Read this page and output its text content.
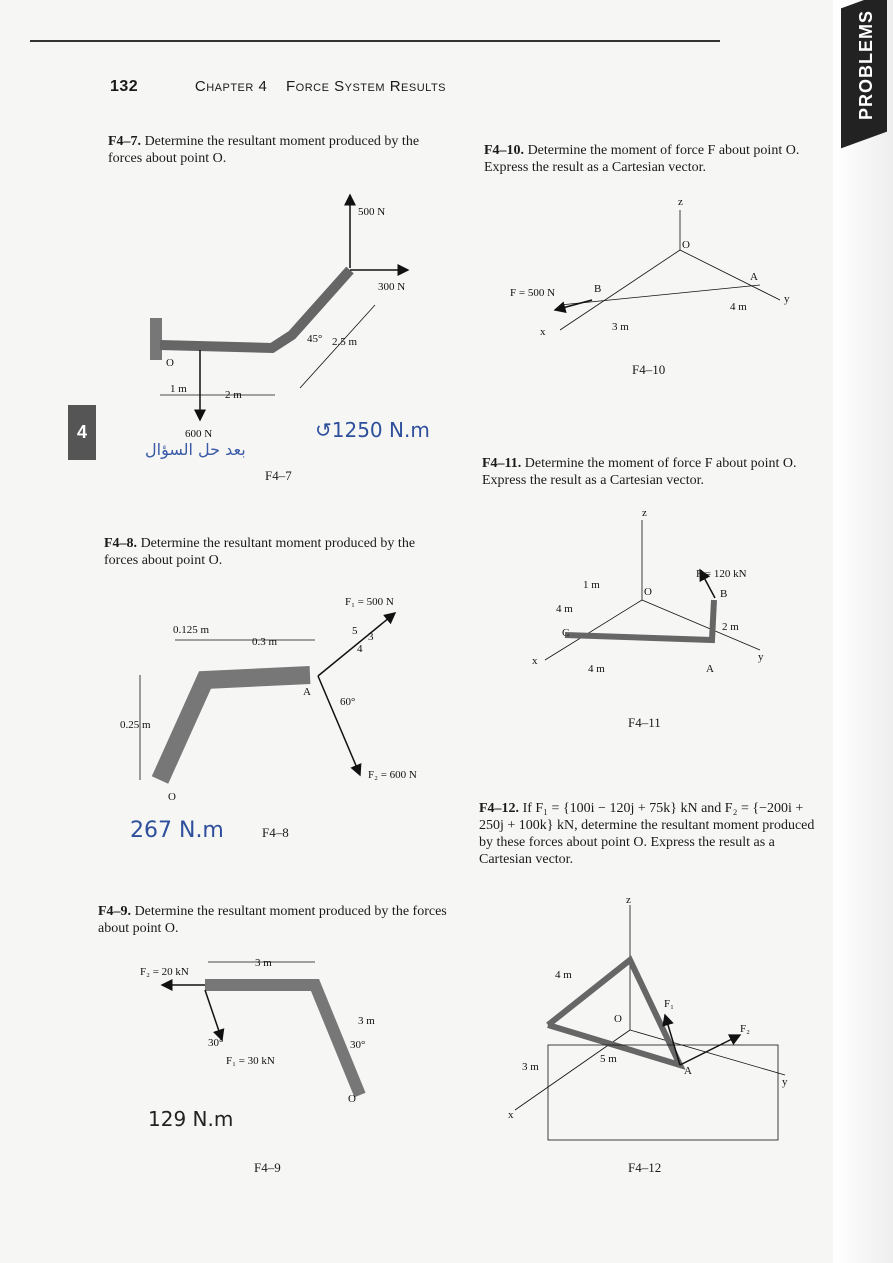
132	Chapter 4 Force System Results	PROBLEMS
4
F4–7. Determine the resultant moment produced by the forces about point O.
F4–10. Determine the moment of force F about point O. Express the result as a Cartesian vector.
F4–8. Determine the resultant moment produced by the forces about point O.
F4–11. Determine the moment of force F about point O. Express the result as a Cartesian vector.
F4–9. Determine the resultant moment produced by the forces about point O.
F4–12. If F₁ = {100i − 120j + 75k} kN and F₂ = {−200i + 250j + 100k} kN, determine the resultant moment produced by these forces about point O. Express the result as a Cartesian vector.
500 N
300 N
600 N
45° 2.5 m
1 m	2 m
O
O
z
x
y
F = 500 N	B
A
4 m
3 m
O
z
x	y
F = 120 kN
B
A
C
1 m
4 m
4 m
2 m
F₁ = 500 N
F₂ = 600 N
0.125 m
0.3 m
0.25 m
60°
A
O
5 3
4
z
x
y
O
A
F₁
F₂
4 m
5 m
3 m
F₂ = 20 kN
F₁ = 30 kN
3 m
3 m
30°	30°
O
F4–7
F4–10
F4–11
F4–8
F4–9	F4–12
↺1250 N.m
بعد حل السؤال
267 N.m
129 N.m
